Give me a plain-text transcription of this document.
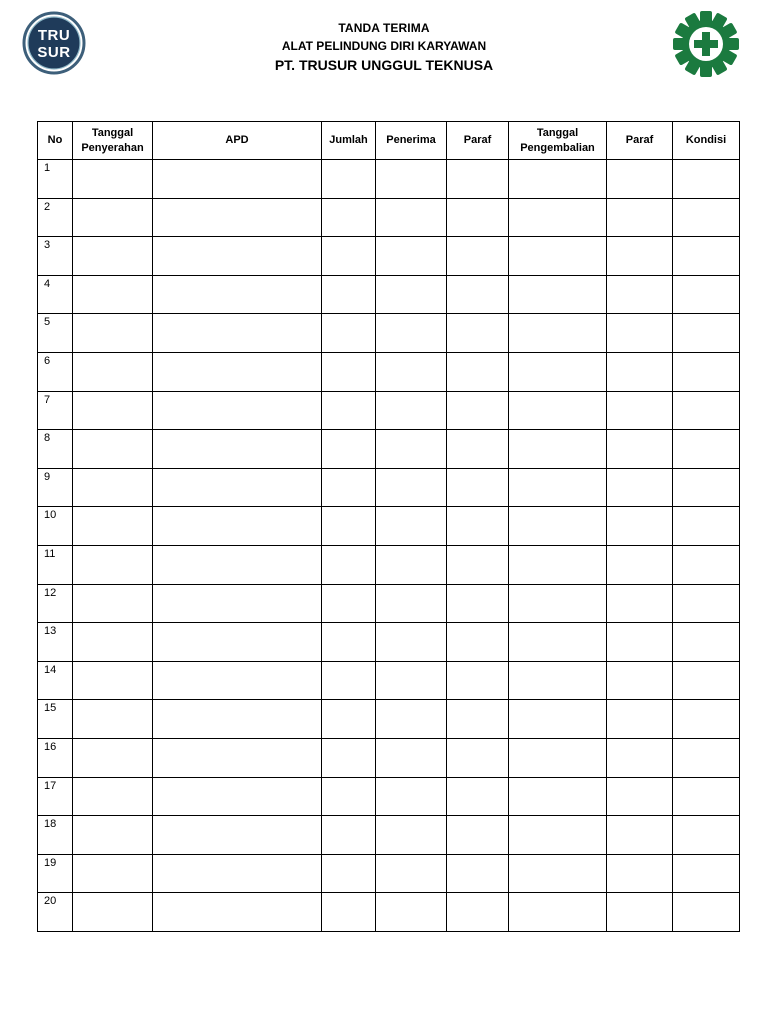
TRU
SUR
TANDA TERIMA
ALAT PELINDUNG DIRI KARYAWAN
PT. TRUSUR UNGGUL TEKNUSA
No	Tanggal Penyerahan	APD	Jumlah	Penerima	Paraf	Tanggal Pengembalian	Paraf	Kondisi
1								
2								
3								
4								
5								
6								
7								
8								
9								
10								
11								
12								
13								
14								
15								
16								
17								
18								
19								
20								
